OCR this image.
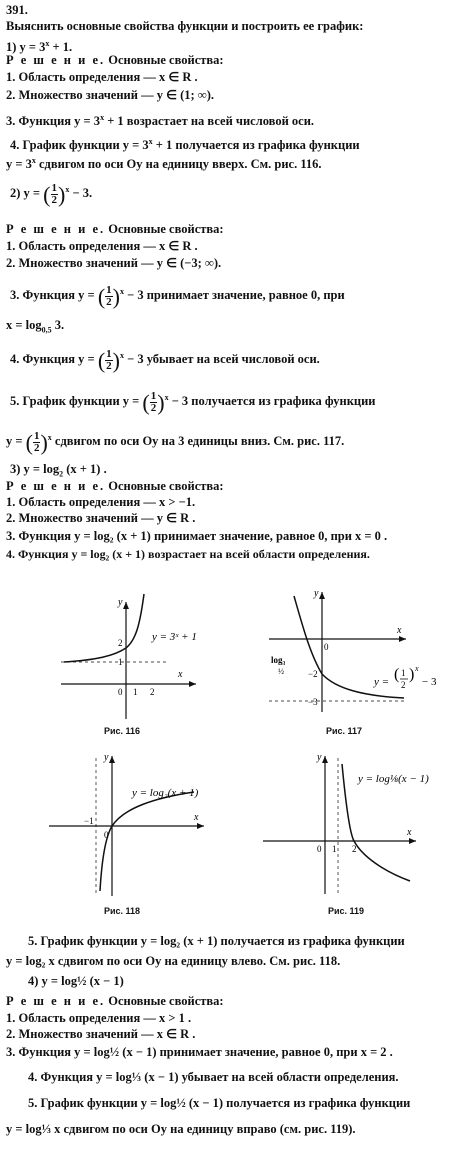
391.
Выяснить основные свойства функции и построить ее график:
1) $y = 3^x + 1$.
Р е ш е н и е. Основные свойства:
1. Область определения — x ∈ R .
2. Множество значений — y ∈ (1; ∞).
3. Функция $y = 3^x + 1$ возрастает на всей числовой оси.
4. График функции $y = 3^x + 1$ получается из графика функции
$y = 3^x$ сдвигом по оси Oy на единицу вверх. См. рис. 116.
2) y = ( $\frac{1}{2} )^x - 3$.
Р е ш е н и е. Основные свойства:
1. Область определения — x ∈ R .
2. Множество значений — y ∈ (−3; ∞).
3. Функция y = ( $\frac{1}{2} )^x - 3$ принимает значение, равное 0, при
$x = \log_{0,5} 3$.
4. Функция y = ( $\frac{1}{2} )^x - 3$ убывает на всей числовой оси.
5. График функции y = ( $\frac{1}{2} )^x - 3$ получается из графика функции
y = ( $\frac{1}{2} )^x$ сдвигом по оси Oy на 3 единицы вниз. См. рис. 117.
3) $y = \log_2 (x + 1)$ .
Р е ш е н и е. Основные свойства:
1. Область определения — x > −1.
2. Множество значений — y ∈ R .
3. Функция y = log₂ (x + 1) принимает значение, равное 0, при x = 0 .
4. Функция y = log₂ (x + 1) возрастает на всей области определения.
y
x
2
1
0 1 2
y = 3ˣ + 1
Рис. 116
y
x
log₃
½
0
−2
−3
y = ( 1
2
) x
− 3
Рис. 117
y
x
−1
0
y = log₂(x + 1)
Рис. 118
y
x
0 1 2
y = log⅛(x − 1)
Рис. 119
5. График функции y = log₂ (x + 1) получается из графика функции
y = log₂ x сдвигом по оси Oy на единицу влево. См. рис. 118.
4) y = log½ (x − 1)
Р е ш е н и е. Основные свойства:
1. Область определения — x > 1 .
2. Множество значений — x ∈ R .
3. Функция y = log½ (x − 1) принимает значение, равное 0, при x = 2 .
4. Функция y = log⅓ (x − 1) убывает на всей области определения.
5. График функции y = log½ (x − 1) получается из графика функции
y = log⅓ x сдвигом по оси Oy на единицу вправо (см. рис. 119).
